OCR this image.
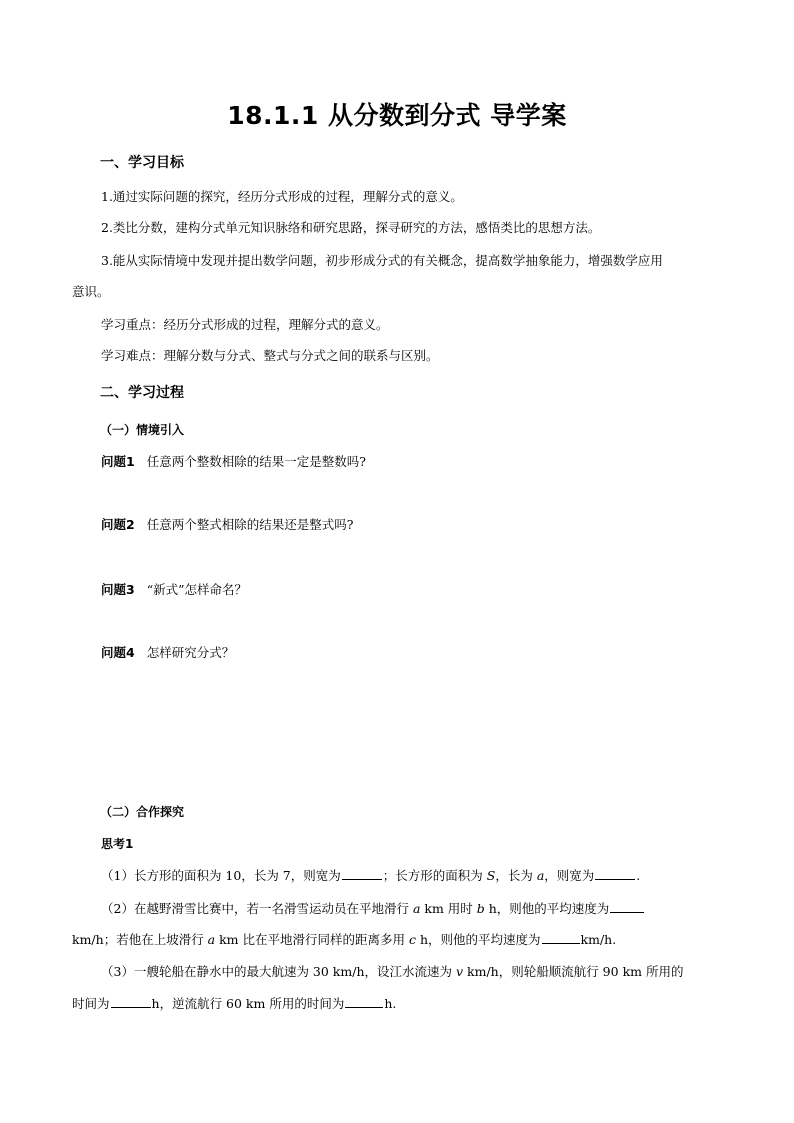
18.1.1 从分数到分式 导学案
一、学习目标
1.通过实际问题的探究，经历分式形成的过程，理解分式的意义。
2.类比分数，建构分式单元知识脉络和研究思路，探寻研究的方法，感悟类比的思想方法。
3.能从实际情境中发现并提出数学问题，初步形成分式的有关概念，提高数学抽象能力，增强数学应用
意识。
学习重点：经历分式形成的过程，理解分式的意义。
学习难点：理解分数与分式、整式与分式之间的联系与区别。
二、学习过程
（一）情境引入
问题1 任意两个整数相除的结果一定是整数吗?
问题2 任意两个整式相除的结果还是整式吗?
问题3 “新式”怎样命名？
问题4 怎样研究分式？
（二）合作探究
思考1
（1）长方形的面积为 10，长为 7，则宽为	；长方形的面积为 S，长为 a，则宽为	.
（2）在越野滑雪比赛中，若一名滑雪运动员在平地滑行 a km 用时 b h，则他的平均速度为
km/h；若他在上坡滑行 a km 比在平地滑行同样的距离多用 c h，则他的平均速度为	km/h.
（3）一艘轮船在静水中的最大航速为 30 km/h，设江水流速为 v km/h，则轮船顺流航行 90 km 所用的
时间为	h，逆流航行 60 km 所用的时间为	h.
